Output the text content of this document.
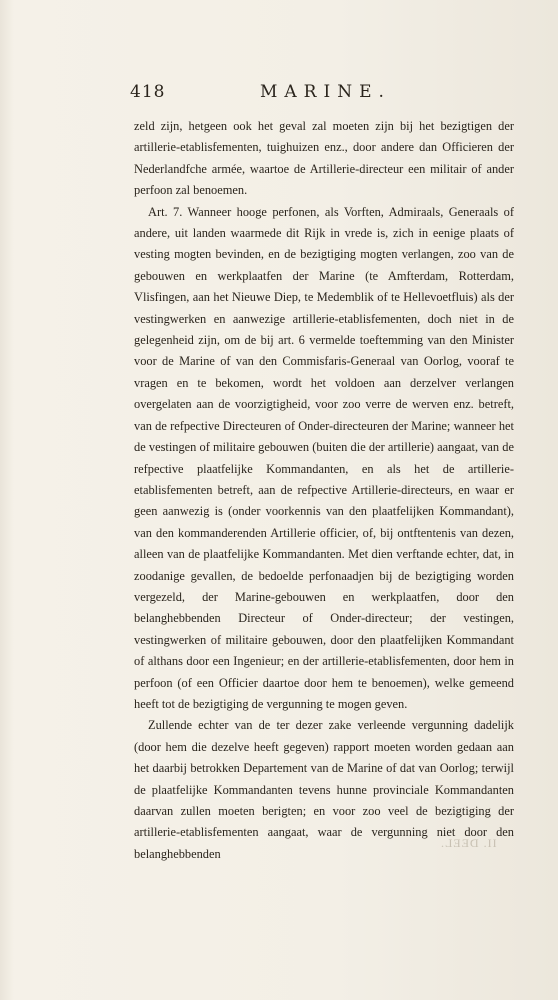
418	MARINE.

zeld zijn, hetgeen ook het geval zal moeten zijn bij het bezigtigen der artillerie-etablisfementen, tuighuizen enz., door andere dan Officieren der Nederlandfche armée, waartoe de Artillerie-directeur een militair of ander perfoon zal benoemen.

Art. 7. Wanneer hooge perfonen, als Vorften, Admiraals, Generaals of andere, uit landen waarmede dit Rijk in vrede is, zich in eenige plaats of vesting mogten bevinden, en de bezigtiging mogten verlangen, zoo van de gebouwen en werkplaatfen der Marine (te Amfterdam, Rotterdam, Vlisfingen, aan het Nieuwe Diep, te Medemblik of te Hellevoetfluis) als der vestingwerken en aanwezige artillerie-etablisfementen, doch niet in de gelegenheid zijn, om de bij art. 6 vermelde toeftemming van den Minister voor de Marine of van den Commisfaris-Generaal van Oorlog, vooraf te vragen en te bekomen, wordt het voldoen aan derzelver verlangen overgelaten aan de voorzigtigheid, voor zoo verre de werven enz. betreft, van de refpective Directeuren of Onder-directeuren der Marine; wanneer het de vestingen of militaire gebouwen (buiten die der artillerie) aangaat, van de refpective plaatfelijke Kommandanten, en als het de artillerie-etablisfementen betreft, aan de refpective Artillerie-directeurs, en waar er geen aanwezig is (onder voorkennis van den plaatfelijken Kommandant), van den kommanderenden Artillerie officier, of, bij ontftentenis van dezen, alleen van de plaatfelijke Kommandanten. Met dien verftande echter, dat, in zoodanige gevallen, de bedoelde perfonaadjen bij de bezigtiging worden vergezeld, der Marine-gebouwen en werkplaatfen, door den belanghebbenden Directeur of Onder-directeur; der vestingen, vestingwerken of militaire gebouwen, door den plaatfelijken Kommandant of althans door een Ingenieur; en der artillerie-etablisfementen, door hem in perfoon (of een Officier daartoe door hem te benoemen), welke gemeend heeft tot de bezigtiging de vergunning te mogen geven.

Zullende echter van de ter dezer zake verleende vergunning dadelijk (door hem die dezelve heeft gegeven) rapport moeten worden gedaan aan het daarbij betrokken Departement van de Marine of dat van Oorlog; terwijl de plaatfelijke Kommandanten tevens hunne provinciale Kommandanten daarvan zullen moeten berigten; en voor zoo veel de bezigtiging der artillerie-etablisfementen aangaat, waar de vergunning niet door den belanghebbenden

II. DEEL.
